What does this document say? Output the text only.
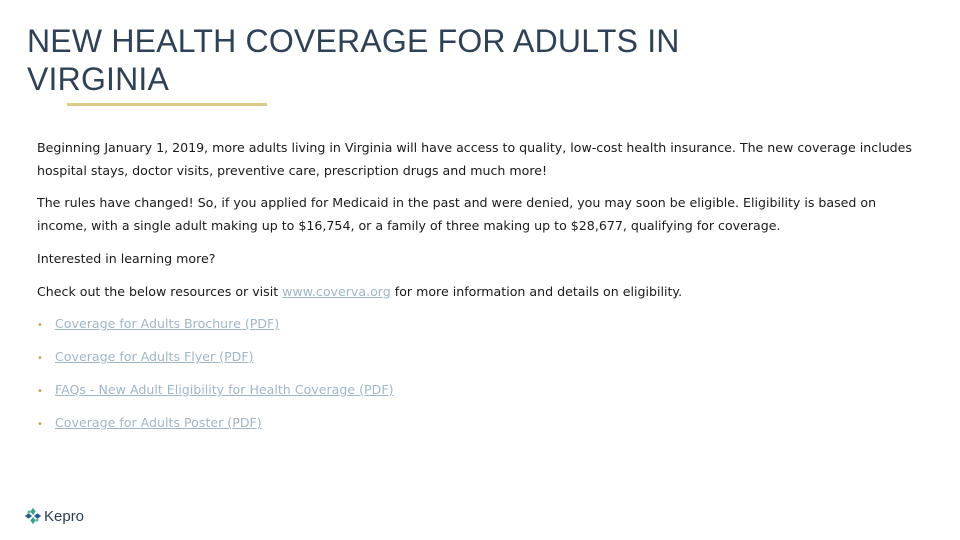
NEW HEALTH COVERAGE FOR ADULTS IN VIRGINIA

Beginning January 1, 2019, more adults living in Virginia will have access to quality, low-cost health insurance. The new coverage includes hospital stays, doctor visits, preventive care, prescription drugs and much more!

The rules have changed! So, if you applied for Medicaid in the past and were denied, you may soon be eligible. Eligibility is based on income, with a single adult making up to $16,754, or a family of three making up to $28,677, qualifying for coverage.

Interested in learning more?

Check out the below resources or visit www.coverva.org for more information and details on eligibility.

• Coverage for Adults Brochure (PDF)
• Coverage for Adults Flyer (PDF)
• FAQs - New Adult Eligibility for Health Coverage (PDF)
• Coverage for Adults Poster (PDF)
Kepro
